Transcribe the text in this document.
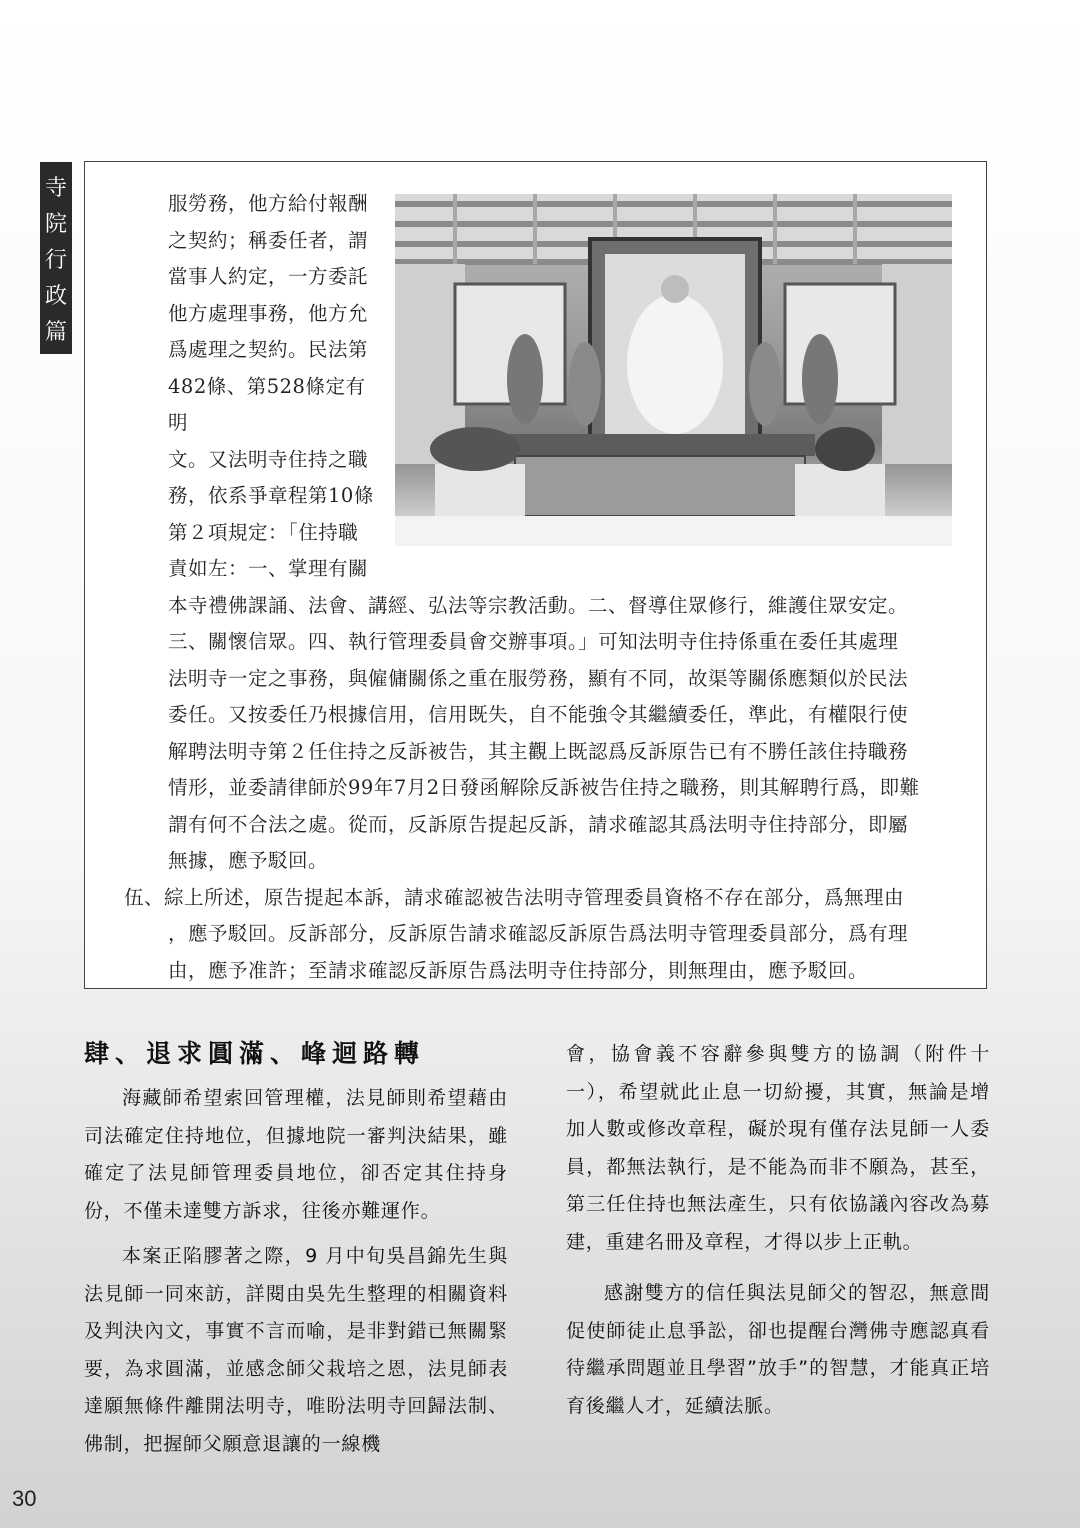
寺
院
行
政
篇
服勞務，他方給付報酬
之契約；稱委任者，謂
當事人約定，一方委託
他方處理事務，他方允
爲處理之契約。民法第
482條、第528條定有明
文。又法明寺住持之職
務，依系爭章程第10條
第２項規定：「住持職
責如左：一、掌理有關
本寺禮佛課誦、法會、講經、弘法等宗教活動。二、督導住眾修行，維護住眾安定。
三、關懷信眾。四、執行管理委員會交辦事項。」可知法明寺住持係重在委任其處理
法明寺一定之事務，與僱傭關係之重在服勞務，顯有不同，故渠等關係應類似於民法
委任。又按委任乃根據信用，信用既失，自不能強令其繼續委任，準此，有權限行使
解聘法明寺第２任住持之反訴被告，其主觀上既認爲反訴原告已有不勝任該住持職務
情形，並委請律師於99年7月2日發函解除反訴被告住持之職務，則其解聘行爲，即難
謂有何不合法之處。從而，反訴原告提起反訴，請求確認其爲法明寺住持部分，即屬
無據，應予駁回。
伍、綜上所述，原告提起本訴，請求確認被告法明寺管理委員資格不存在部分，爲無理由
，應予駁回。反訴部分，反訴原告請求確認反訴原告爲法明寺管理委員部分，爲有理
由，應予准許；至請求確認反訴原告爲法明寺住持部分，則無理由，應予駁回。
肆、退求圓滿、峰迴路轉

海藏師希望索回管理權，法見師則希望藉由司法確定住持地位，但據地院一審判決結果，雖確定了法見師管理委員地位，卻否定其住持身份，不僅未達雙方訴求，往後亦難運作。

本案正陷膠著之際，9 月中旬吳昌錦先生與法見師一同來訪，詳閱由吳先生整理的相關資料及判決內文，事實不言而喻，是非對錯已無關緊要，為求圓滿，並感念師父栽培之恩，法見師表達願無條件離開法明寺，唯盼法明寺回歸法制、佛制，把握師父願意退讓的一線機

會，協會義不容辭參與雙方的協調（附件十一），希望就此止息一切紛擾，其實，無論是增加人數或修改章程，礙於現有僅存法見師一人委員，都無法執行，是不能為而非不願為，甚至，第三任住持也無法產生，只有依協議內容改為募建，重建名冊及章程，才得以步上正軌。

感謝雙方的信任與法見師父的智忍，無意間促使師徒止息爭訟，卻也提醒台灣佛寺應認真看待繼承問題並且學習”放手”的智慧，才能真正培育後繼人才，延續法脈。

30
